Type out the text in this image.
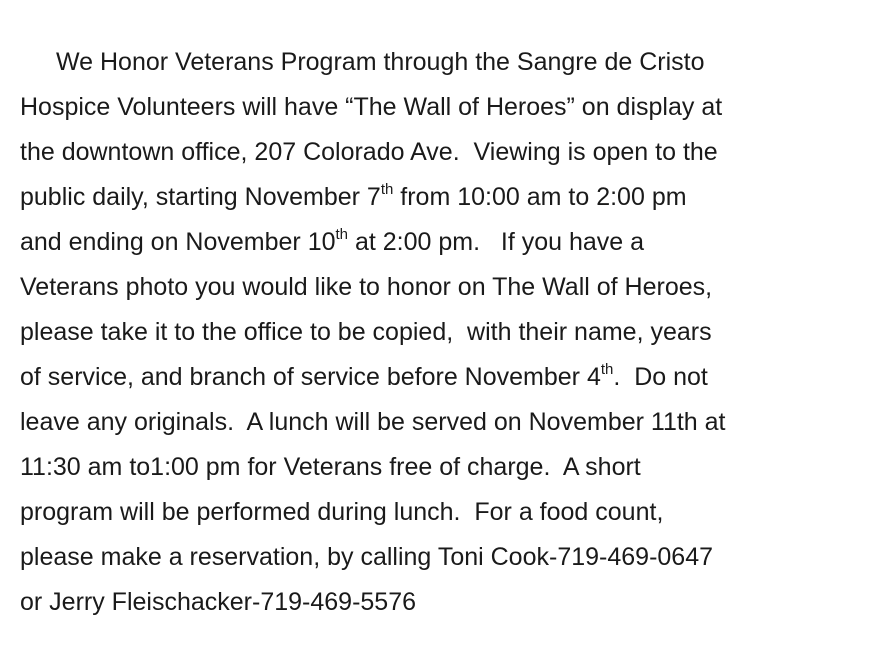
We Honor Veterans Program through the Sangre de Cristo
Hospice Volunteers will have “The Wall of Heroes” on display at
the downtown office, 207 Colorado Ave.  Viewing is open to the
public daily, starting November 7th from 10:00 am to 2:00 pm
and ending on November 10th at 2:00 pm.   If you have a
Veterans photo you would like to honor on The Wall of Heroes,
please take it to the office to be copied,  with their name, years
of service, and branch of service before November 4th.  Do not
leave any originals.  A lunch will be served on November 11th at
11:30 am to1:00 pm for Veterans free of charge.  A short
program will be performed during lunch.  For a food count,
please make a reservation, by calling Toni Cook-719-469-0647
or Jerry Fleischacker-719-469-5576
